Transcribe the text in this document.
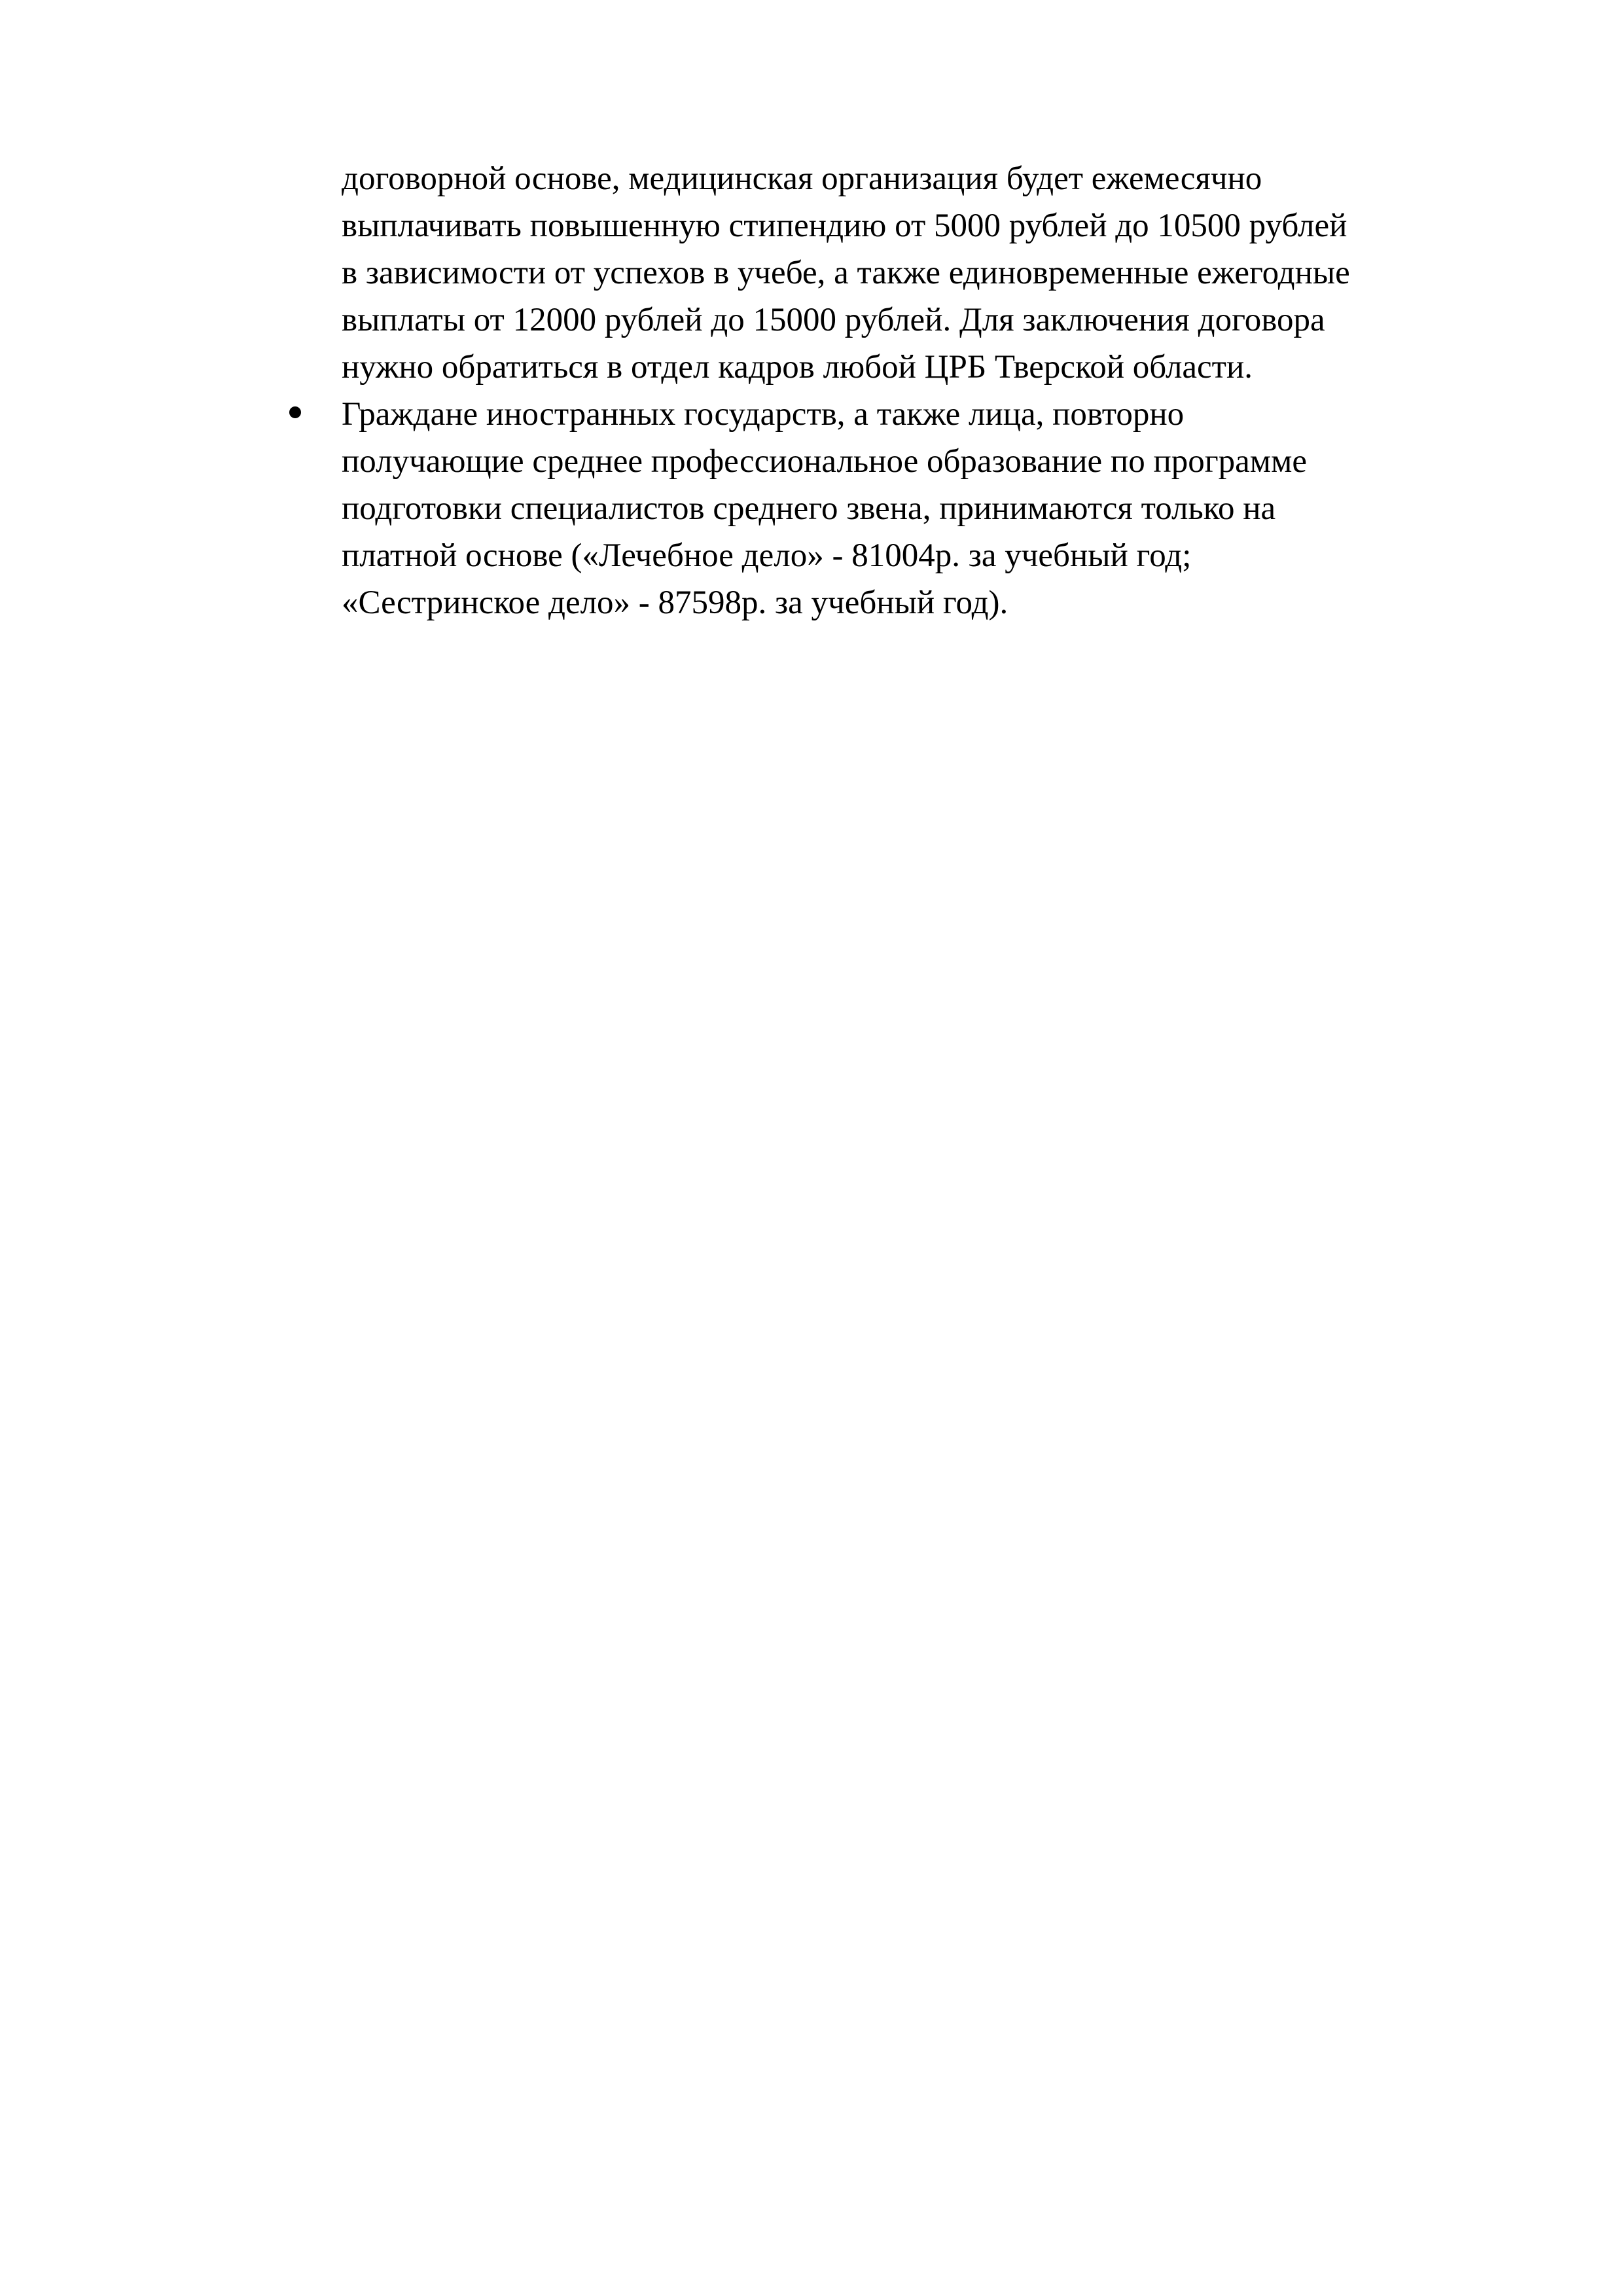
договорной основе, медицинская организация будет ежемесячно
выплачивать повышенную стипендию от 5000 рублей до 10500 рублей
в зависимости от успехов в учебе, а также единовременные ежегодные
выплаты от 12000 рублей до 15000 рублей. Для заключения договора
нужно обратиться в отдел кадров любой ЦРБ Тверской области.
Граждане иностранных государств, а также лица, повторно
получающие среднее профессиональное образование по программе
подготовки специалистов среднего звена, принимаются только на
платной основе («Лечебное дело» - 81004р. за учебный год;
«Сестринское дело» - 87598р. за учебный год).
